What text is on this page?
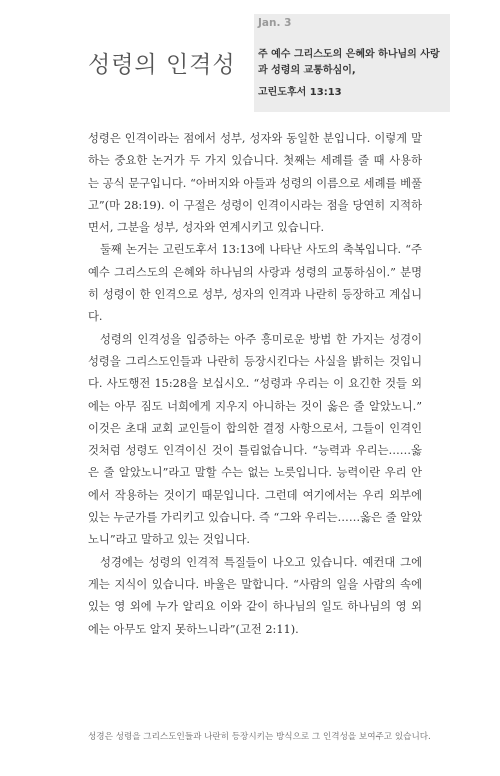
성령의 인격성
Jan. 3

주 예수 그리스도의 은혜와 하나님의 사랑과 성령의 교통하심이,

고린도후서 13:13

성령은 인격이라는 점에서 성부, 성자와 동일한 분입니다. 이렇게 말하는 중요한 논거가 두 가지 있습니다. 첫째는 세례를 줄 때 사용하는 공식 문구입니다. “아버지와 아들과 성령의 이름으로 세례를 베풀고”(마 28:19). 이 구절은 성령이 인격이시라는 점을 당연히 지적하면서, 그분을 성부, 성자와 연계시키고 있습니다.

둘째 논거는 고린도후서 13:13에 나타난 사도의 축복입니다. “주 예수 그리스도의 은혜와 하나님의 사랑과 성령의 교통하심이.” 분명히 성령이 한 인격으로 성부, 성자의 인격과 나란히 등장하고 계십니다.

성령의 인격성을 입증하는 아주 흥미로운 방법 한 가지는 성경이 성령을 그리스도인들과 나란히 등장시킨다는 사실을 밝히는 것입니다. 사도행전 15:28을 보십시오. “성령과 우리는 이 요긴한 것들 외에는 아무 짐도 너희에게 지우지 아니하는 것이 옳은 줄 알았노니.” 이것은 초대 교회 교인들이 합의한 결정 사항으로서, 그들이 인격인 것처럼 성령도 인격이신 것이 틀림없습니다. “능력과 우리는……옳은 줄 알았노니”라고 말할 수는 없는 노릇입니다. 능력이란 우리 안에서 작용하는 것이기 때문입니다. 그런데 여기에서는 우리 외부에 있는 누군가를 가리키고 있습니다. 즉 “그와 우리는……옳은 줄 알았노니”라고 말하고 있는 것입니다.

성경에는 성령의 인격적 특질들이 나오고 있습니다. 예컨대 그에게는 지식이 있습니다. 바울은 말합니다. “사람의 일을 사람의 속에 있는 영 외에 누가 알리요 이와 같이 하나님의 일도 하나님의 영 외에는 아무도 알지 못하느니라”(고전 2:11).

성경은 성령을 그리스도인들과 나란히 등장시키는 방식으로 그 인격성을 보여주고 있습니다.
